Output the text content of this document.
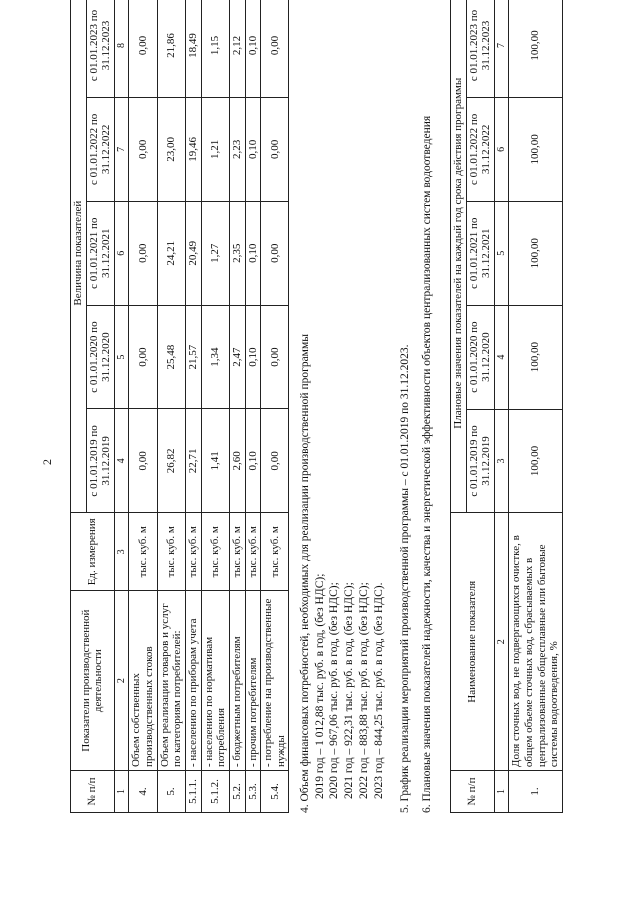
2
№ п/п	Показатели производственной деятельности	Ед. измерения	Величина показателей				
			с 01.01.2019 по 31.12.2019	с 01.01.2020 по 31.12.2020	с 01.01.2021 по 31.12.2021	с 01.01.2022 по 31.12.2022	с 01.01.2023 по 31.12.2023
1	2	3	4	5	6	7	8
4.	Объем собственных производственных стоков	тыс. куб. м	0,00	0,00	0,00	0,00	0,00
5.	Объем реализации товаров и услуг по категориям потребителей:	тыс. куб. м	26,82	25,48	24,21	23,00	21,86
5.1.1.	- населению по приборам учета	тыс. куб. м	22,71	21,57	20,49	19,46	18,49
5.1.2.	- населению по нормативам потребления	тыс. куб. м	1,41	1,34	1,27	1,21	1,15
5.2.	- бюджетным потребителям	тыс. куб. м	2,60	2,47	2,35	2,23	2,12
5.3.	- прочим потребителям	тыс. куб. м	0,10	0,10	0,10	0,10	0,10
5.4.	- потребление на производственные нужды	тыс. куб. м	0,00	0,00	0,00	0,00	0,00
4. Объем финансовых потребностей, необходимых для реализации производственной программы 2019 год – 1 012,88 тыс. руб. в год, (без НДС); 2020 год – 967,06 тыс. руб. в год, (без НДС); 2021 год – 922,31 тыс. руб. в год, (без НДС); 2022 год – 883,88 тыс. руб. в год, (без НДС); 2023 год – 844,25 тыс. руб. в год, (без НДС). 5. График реализации мероприятий производственной программы – с 01.01.2019 по 31.12.2023. 6. Плановые значения показателей надежности, качества и энергетической эффективности объектов централизованных систем водоотведения	№ п/п	Наименование показателя	Плановые значения показателей на каждый год срока действия программы				
		с 01.01.2019 по 31.12.2019	с 01.01.2020 по 31.12.2020	с 01.01.2021 по 31.12.2021	с 01.01.2022 по 31.12.2022	с 01.01.2023 по 31.12.2023
1	2	3	4	5	6	7
1.	Доля сточных вод, не подвергающихся очистке, в общем объеме сточных вод, сбрасываемых в централизованные общесплавные или бытовые системы водоотведения, %	100,00	100,00	100,00	100,00	100,00
